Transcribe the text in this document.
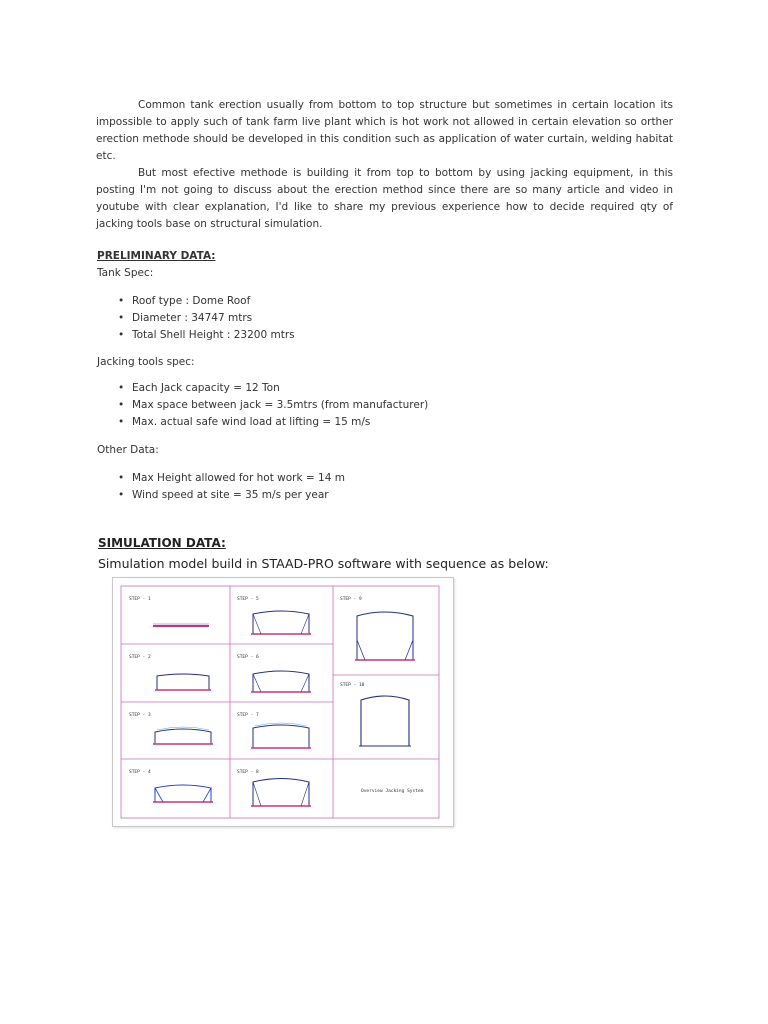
Common tank erection usually from bottom to top structure but sometimes in certain location its impossible to apply such of tank farm live plant which is hot work not allowed in certain elevation so orther erection methode should be developed in this condition such as application of water curtain, welding habitat etc.

But most efective methode is building it from top to bottom by using jacking equipment, in this posting I'm not going to discuss about the erection method since there are so many article and video in youtube with clear explanation, I'd like to share my previous experience how to decide required qty of jacking tools base on structural simulation.

PRELIMINARY DATA:

Tank Spec:

• Roof type : Dome Roof
• Diameter : 34747 mtrs
• Total Shell Height : 23200 mtrs

Jacking tools spec:

• Each Jack capacity = 12 Ton
• Max space between jack = 3.5mtrs (from manufacturer)
• Max. actual safe wind load at lifting = 15 m/s

Other Data:

• Max Height allowed for hot work = 14 m
• Wind speed at site = 35 m/s per year

SIMULATION DATA:

Simulation model build in STAAD-PRO software with sequence as below:

STEP - 1
STEP - 2
STEP - 3
STEP - 4
STEP - 5
STEP - 6
STEP - 7
STEP - 8
STEP - 9
STEP - 10
Overview Jacking System
